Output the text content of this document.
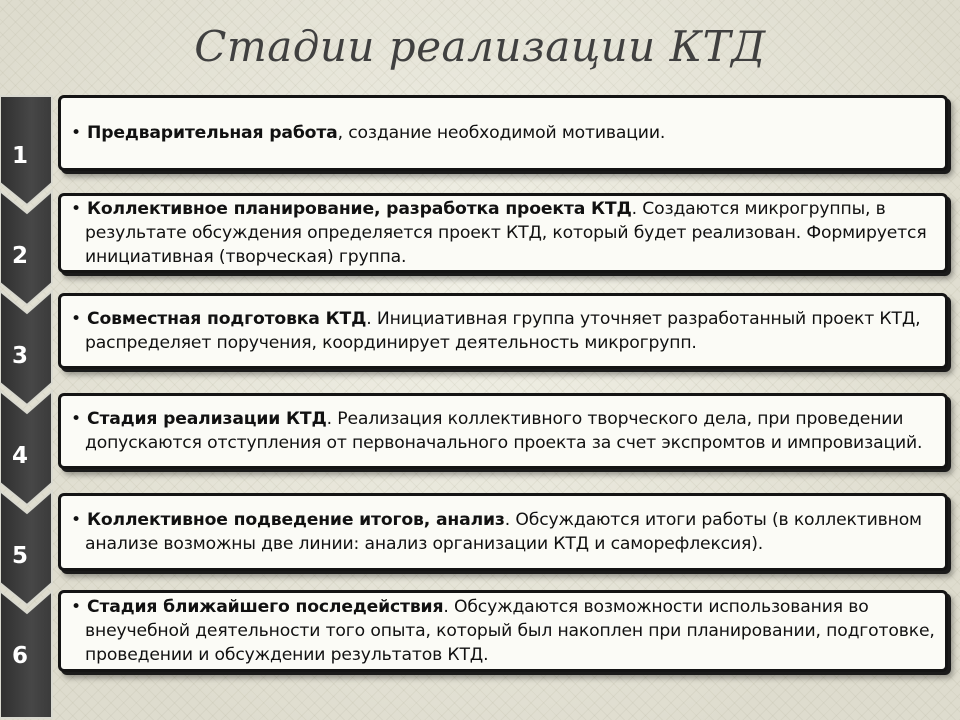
Стадии реализации КТД
1
2
3
4
5
6
• Предварительная работа, создание необходимой мотивации.
• Коллективное планирование, разработка проекта КТД. Создаются микрогруппы, в результате обсуждения определяется проект КТД, который будет реализован. Формируется инициативная (творческая) группа.
• Совместная подготовка КТД. Инициативная группа уточняет разработанный проект КТД, распределяет поручения, координирует деятельность микрогрупп.
• Стадия реализации КТД. Реализация коллективного творческого дела, при проведении допускаются отступления от первоначального проекта за счет экспромтов и импровизаций.
• Коллективное подведение итогов, анализ. Обсуждаются итоги работы (в коллективном анализе возможны две линии: анализ организации КТД и саморефлексия).
• Стадия ближайшего последействия. Обсуждаются возможности использования во внеучебной деятельности того опыта, который был накоплен при планировании, подготовке, проведении и обсуждении результатов КТД.
